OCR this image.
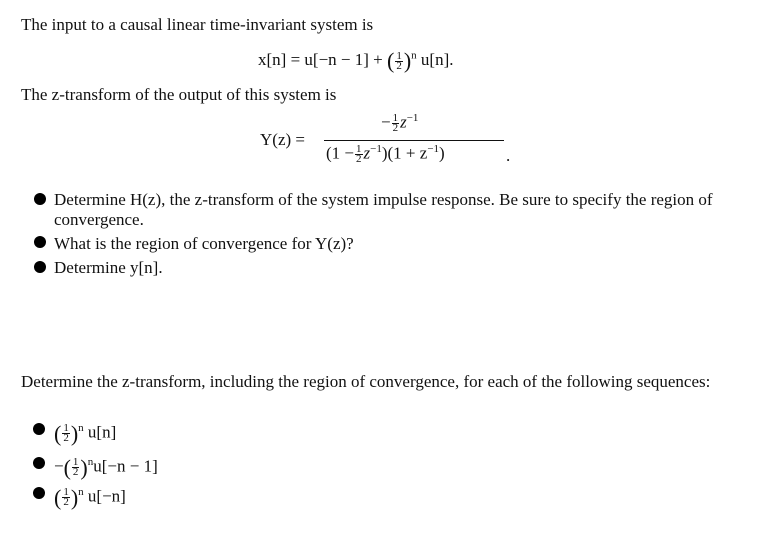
The input to a causal linear time-invariant system is
x[n] = u[−n − 1] + ( $\frac{1}{2} )^n$ u[n].
The z-transform of the output of this system is
Y(z) =
− $\frac{1}{2} z^{-1}$
$(1 - \frac{1}{2} z^{-1})(1 + z^{-1})$	.
Determine H(z), the z-transform of the system impulse response. Be sure to specify the region of convergence.
What is the region of convergence for Y(z)?
Determine y[n].
Determine the z-transform, including the region of convergence, for each of the following sequences:
( $\frac{1}{2} )^n$ u[n]
−( $\frac{1}{2} )^nu[-n - 1]$
( $\frac{1}{2} )^n$ u[−n]
